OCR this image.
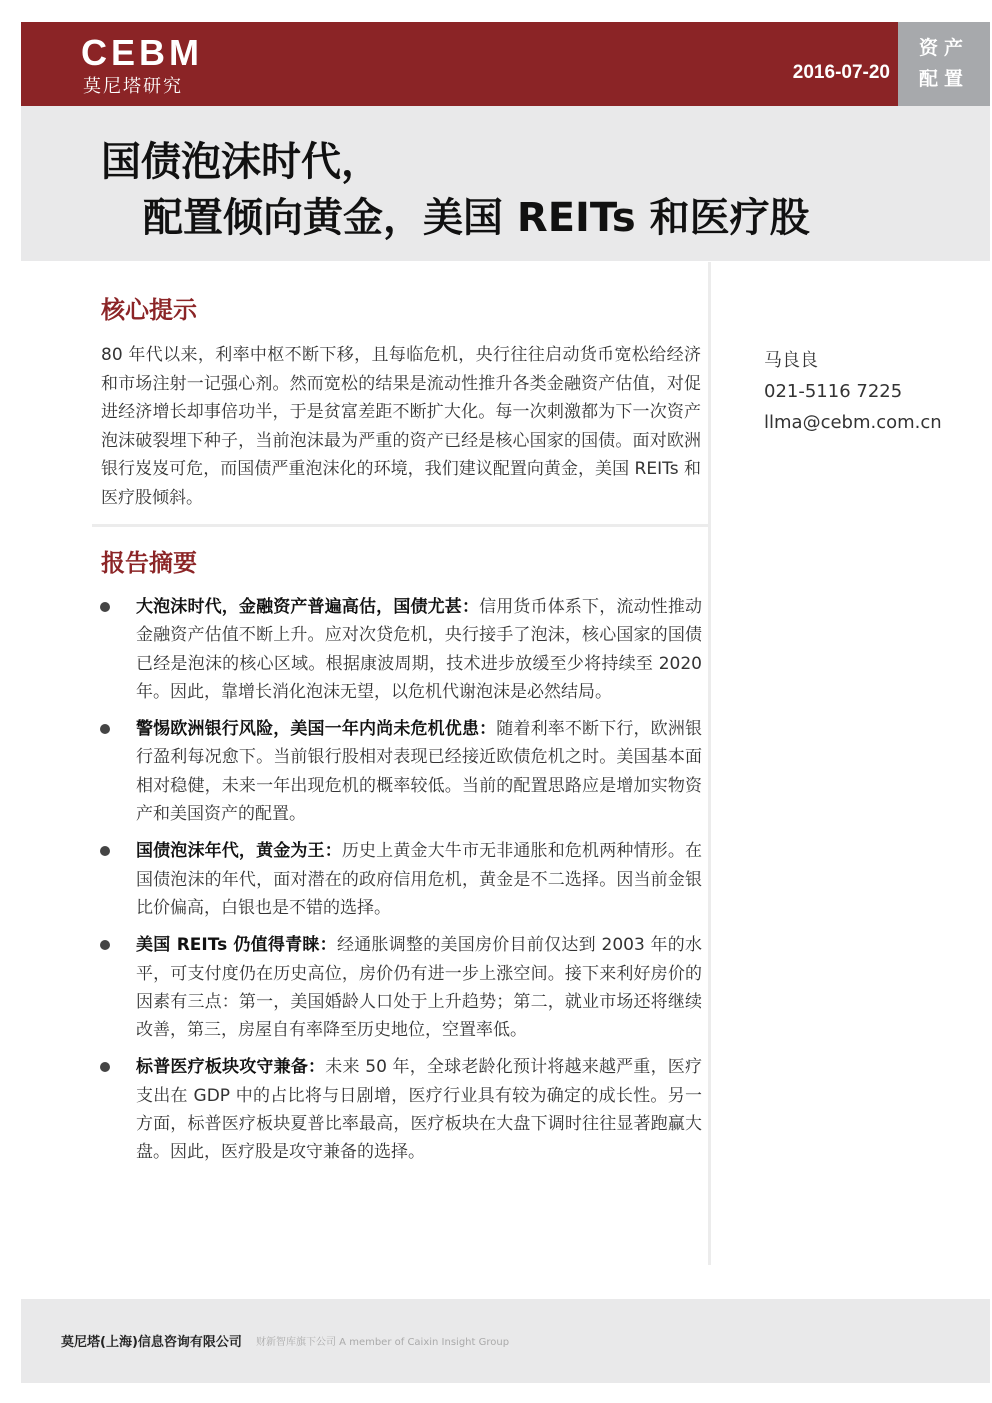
CEBM
莫尼塔研究
2016-07-20
资产
配置
国债泡沫时代，
配置倾向黄金，美国 REITs 和医疗股
核心提示
80 年代以来，利率中枢不断下移，且每临危机，央行往往启动货币宽松给经济和市场注射一记强心剂。然而宽松的结果是流动性推升各类金融资产估值，对促进经济增长却事倍功半，于是贫富差距不断扩大化。每一次刺激都为下一次资产泡沫破裂埋下种子，当前泡沫最为严重的资产已经是核心国家的国债。面对欧洲银行岌岌可危，而国债严重泡沫化的环境，我们建议配置向黄金，美国 REITs 和医疗股倾斜。
马良良
021-5116 7225
llma@cebm.com.cn
报告摘要
大泡沫时代，金融资产普遍高估，国债尤甚：信用货币体系下，流动性推动金融资产估值不断上升。应对次贷危机，央行接手了泡沫，核心国家的国债已经是泡沫的核心区域。根据康波周期，技术进步放缓至少将持续至 2020 年。因此，靠增长消化泡沫无望，以危机代谢泡沫是必然结局。
警惕欧洲银行风险，美国一年内尚未危机优患：随着利率不断下行，欧洲银行盈利每况愈下。当前银行股相对表现已经接近欧债危机之时。美国基本面相对稳健，未来一年出现危机的概率较低。当前的配置思路应是增加实物资产和美国资产的配置。
国债泡沫年代，黄金为王：历史上黄金大牛市无非通胀和危机两种情形。在国债泡沫的年代，面对潜在的政府信用危机，黄金是不二选择。因当前金银比价偏高，白银也是不错的选择。
美国 REITs 仍值得青睐：经通胀调整的美国房价目前仅达到 2003 年的水平，可支付度仍在历史高位，房价仍有进一步上涨空间。接下来利好房价的因素有三点：第一，美国婚龄人口处于上升趋势；第二，就业市场还将继续改善，第三，房屋自有率降至历史地位，空置率低。
标普医疗板块攻守兼备：未来 50 年，全球老龄化预计将越来越严重，医疗支出在 GDP 中的占比将与日剧增，医疗行业具有较为确定的成长性。另一方面，标普医疗板块夏普比率最高，医疗板块在大盘下调时往往显著跑赢大盘。因此，医疗股是攻守兼备的选择。
莫尼塔(上海)信息咨询有限公司 财新智库旗下公司 A member of Caixin Insight Group
